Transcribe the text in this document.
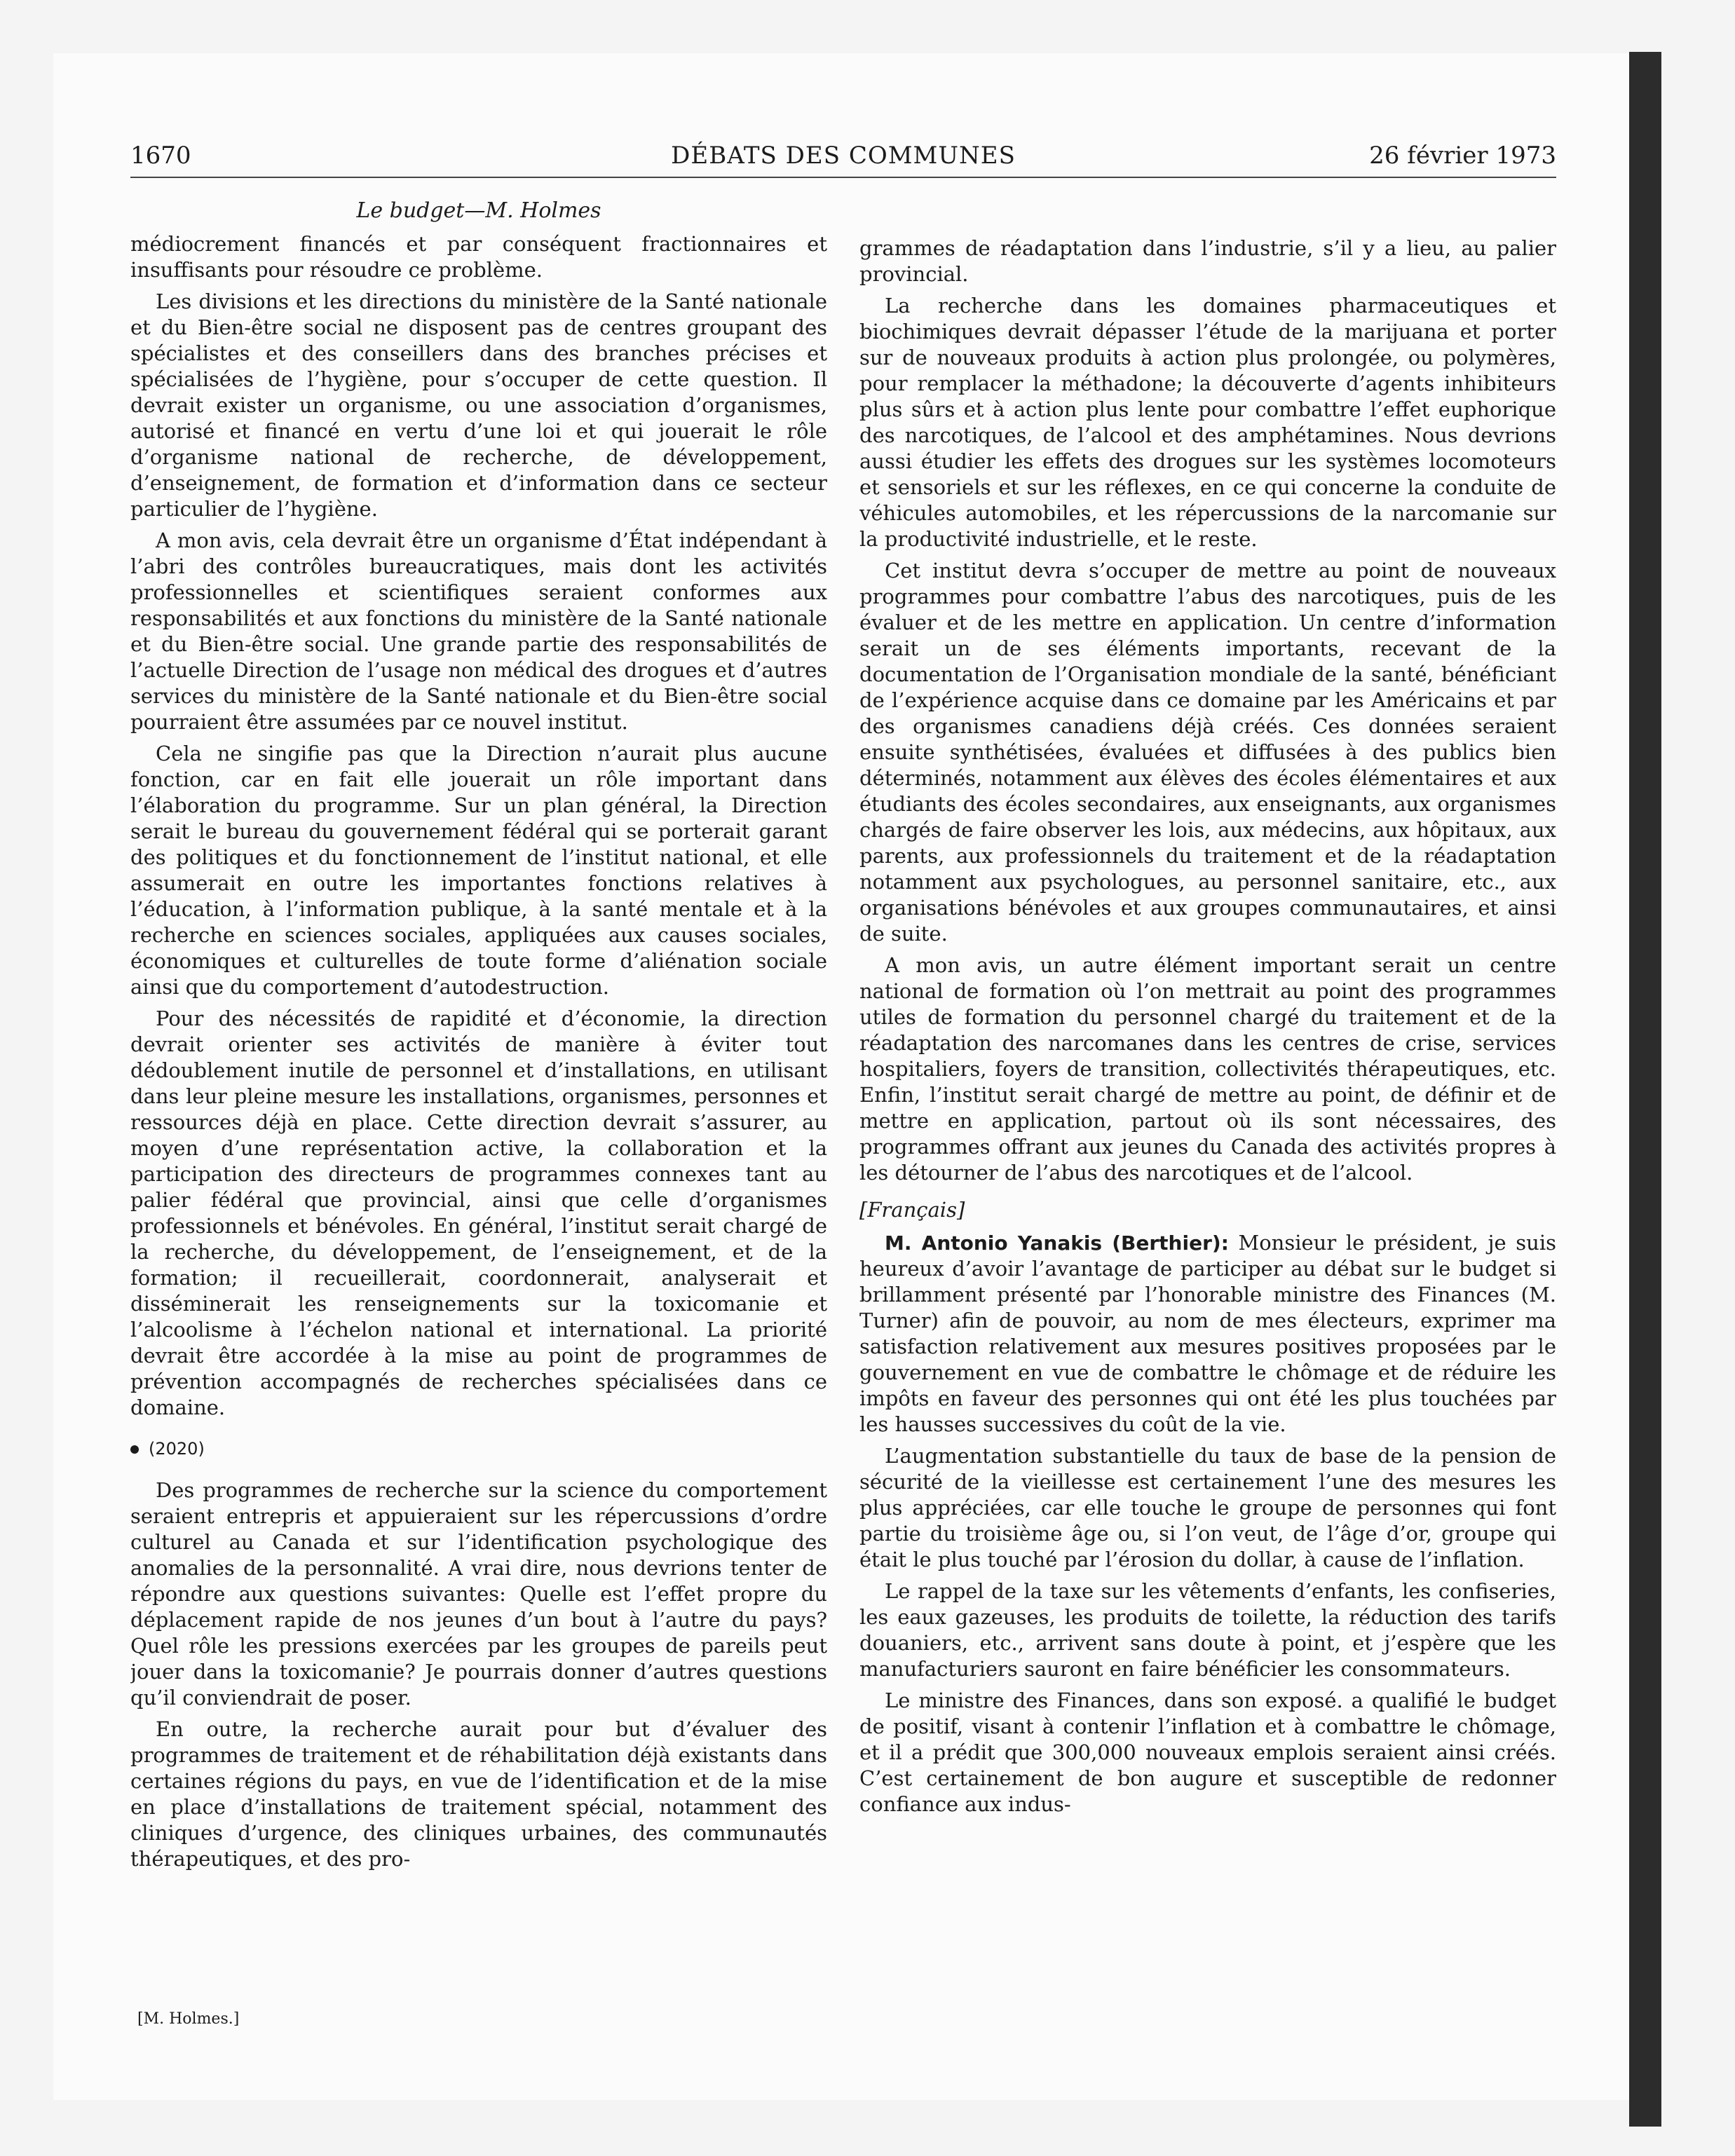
1670	DÉBATS DES COMMUNES	26 février 1973
Le budget—M. Holmes

médiocrement financés et par conséquent fractionnaires et insuffisants pour résoudre ce problème.

Les divisions et les directions du ministère de la Santé nationale et du Bien-être social ne disposent pas de centres groupant des spécialistes et des conseillers dans des branches précises et spécialisées de l’hygiène, pour s’occuper de cette question. Il devrait exister un organisme, ou une association d’organismes, autorisé et financé en vertu d’une loi et qui jouerait le rôle d’organisme national de recherche, de développement, d’enseignement, de formation et d’information dans ce secteur particulier de l’hygiène.

A mon avis, cela devrait être un organisme d’État indépendant à l’abri des contrôles bureaucratiques, mais dont les activités professionnelles et scientifiques seraient conformes aux responsabilités et aux fonctions du ministère de la Santé nationale et du Bien-être social. Une grande partie des responsabilités de l’actuelle Direction de l’usage non médical des drogues et d’autres services du ministère de la Santé nationale et du Bien-être social pourraient être assumées par ce nouvel institut.

Cela ne singifie pas que la Direction n’aurait plus aucune fonction, car en fait elle jouerait un rôle important dans l’élaboration du programme. Sur un plan général, la Direction serait le bureau du gouvernement fédéral qui se porterait garant des politiques et du fonctionnement de l’institut national, et elle assumerait en outre les importantes fonctions relatives à l’éducation, à l’information publique, à la santé mentale et à la recherche en sciences sociales, appliquées aux causes sociales, économiques et culturelles de toute forme d’aliénation sociale ainsi que du comportement d’autodestruction.

Pour des nécessités de rapidité et d’économie, la direction devrait orienter ses activités de manière à éviter tout dédoublement inutile de personnel et d’installations, en utilisant dans leur pleine mesure les installations, organismes, personnes et ressources déjà en place. Cette direction devrait s’assurer, au moyen d’une représentation active, la collaboration et la participation des directeurs de programmes connexes tant au palier fédéral que provincial, ainsi que celle d’organismes professionnels et bénévoles. En général, l’institut serait chargé de la recherche, du développement, de l’enseignement, et de la formation; il recueillerait, coordonnerait, analyserait et disséminerait les renseignements sur la toxicomanie et l’alcoolisme à l’échelon national et international. La priorité devrait être accordée à la mise au point de programmes de prévention accompagnés de recherches spécialisées dans ce domaine.

(2020)

Des programmes de recherche sur la science du comportement seraient entrepris et appuieraient sur les répercussions d’ordre culturel au Canada et sur l’identification psychologique des anomalies de la personnalité. A vrai dire, nous devrions tenter de répondre aux questions suivantes: Quelle est l’effet propre du déplacement rapide de nos jeunes d’un bout à l’autre du pays? Quel rôle les pressions exercées par les groupes de pareils peut jouer dans la toxicomanie? Je pourrais donner d’autres questions qu’il conviendrait de poser.

En outre, la recherche aurait pour but d’évaluer des programmes de traitement et de réhabilitation déjà existants dans certaines régions du pays, en vue de l’identification et de la mise en place d’installations de traitement spécial, notamment des cliniques d’urgence, des cliniques urbaines, des communautés thérapeutiques, et des pro-

[M. Holmes.]

grammes de réadaptation dans l’industrie, s’il y a lieu, au palier provincial.

La recherche dans les domaines pharmaceutiques et biochimiques devrait dépasser l’étude de la marijuana et porter sur de nouveaux produits à action plus prolongée, ou polymères, pour remplacer la méthadone; la découverte d’agents inhibiteurs plus sûrs et à action plus lente pour combattre l’effet euphorique des narcotiques, de l’alcool et des amphétamines. Nous devrions aussi étudier les effets des drogues sur les systèmes locomoteurs et sensoriels et sur les réflexes, en ce qui concerne la conduite de véhicules automobiles, et les répercussions de la narcomanie sur la productivité industrielle, et le reste.

Cet institut devra s’occuper de mettre au point de nouveaux programmes pour combattre l’abus des narcotiques, puis de les évaluer et de les mettre en application. Un centre d’information serait un de ses éléments importants, recevant de la documentation de l’Organisation mondiale de la santé, bénéficiant de l’expérience acquise dans ce domaine par les Américains et par des organismes canadiens déjà créés. Ces données seraient ensuite synthétisées, évaluées et diffusées à des publics bien déterminés, notamment aux élèves des écoles élémentaires et aux étudiants des écoles secondaires, aux enseignants, aux organismes chargés de faire observer les lois, aux médecins, aux hôpitaux, aux parents, aux professionnels du traitement et de la réadaptation notamment aux psychologues, au personnel sanitaire, etc., aux organisations bénévoles et aux groupes communautaires, et ainsi de suite.

A mon avis, un autre élément important serait un centre national de formation où l’on mettrait au point des programmes utiles de formation du personnel chargé du traitement et de la réadaptation des narcomanes dans les centres de crise, services hospitaliers, foyers de transition, collectivités thérapeutiques, etc. Enfin, l’institut serait chargé de mettre au point, de définir et de mettre en application, partout où ils sont nécessaires, des programmes offrant aux jeunes du Canada des activités propres à les détourner de l’abus des narcotiques et de l’alcool.

[Français]

M. Antonio Yanakis (Berthier): Monsieur le président, je suis heureux d’avoir l’avantage de participer au débat sur le budget si brillamment présenté par l’honorable ministre des Finances (M. Turner) afin de pouvoir, au nom de mes électeurs, exprimer ma satisfaction relativement aux mesures positives proposées par le gouvernement en vue de combattre le chômage et de réduire les impôts en faveur des personnes qui ont été les plus touchées par les hausses successives du coût de la vie.

L’augmentation substantielle du taux de base de la pension de sécurité de la vieillesse est certainement l’une des mesures les plus appréciées, car elle touche le groupe de personnes qui font partie du troisième âge ou, si l’on veut, de l’âge d’or, groupe qui était le plus touché par l’érosion du dollar, à cause de l’inflation.

Le rappel de la taxe sur les vêtements d’enfants, les confiseries, les eaux gazeuses, les produits de toilette, la réduction des tarifs douaniers, etc., arrivent sans doute à point, et j’espère que les manufacturiers sauront en faire bénéficier les consommateurs.

Le ministre des Finances, dans son exposé. a qualifié le budget de positif, visant à contenir l’inflation et à combattre le chômage, et il a prédit que 300,000 nouveaux emplois seraient ainsi créés. C’est certainement de bon augure et susceptible de redonner confiance aux indus-
